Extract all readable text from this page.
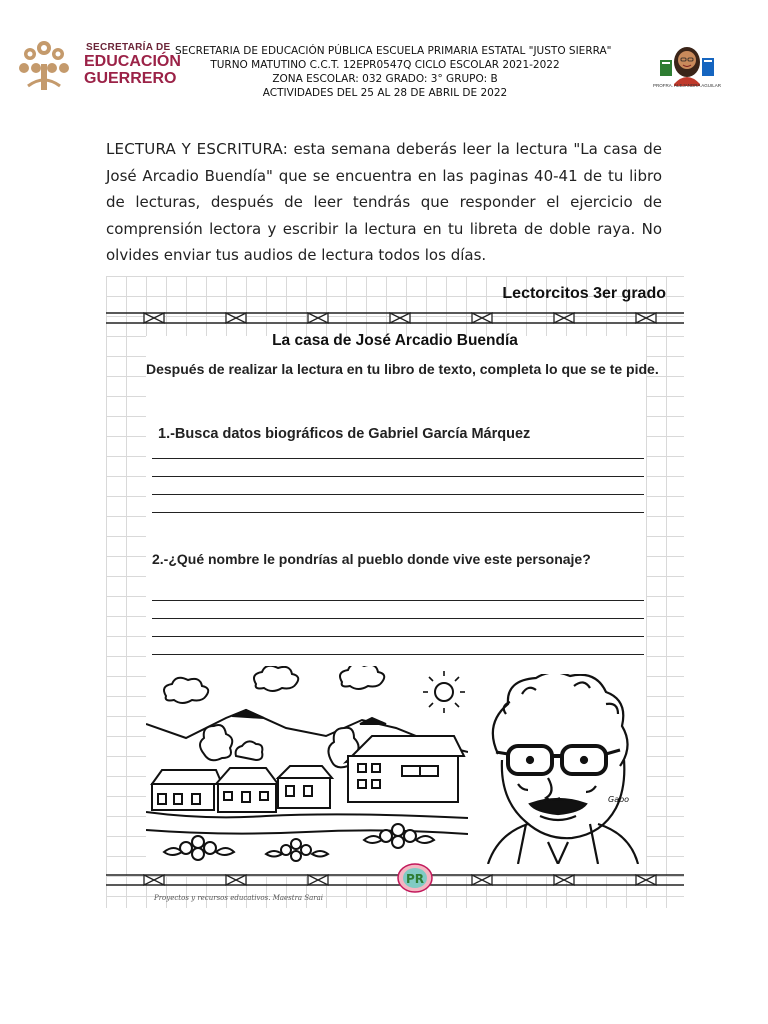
SECRETARÍA DE
EDUCACIÓN
GUERRERO
SECRETARIA DE EDUCACIÓN PÚBLICA ESCUELA PRIMARIA ESTATAL "JUSTO SIERRA"
TURNO MATUTINO C.C.T. 12EPR0547Q CICLO ESCOLAR 2021-2022
ZONA ESCOLAR: 032 GRADO: 3° GRUPO: B
ACTIVIDADES DEL 25 AL 28 DE ABRIL DE 2022
PROFRA. ALEJANDRA AGUILAR
LECTURA Y ESCRITURA: esta semana deberás leer la lectura "La casa de José Arcadio Buendía" que se encuentra en las paginas 40-41 de tu libro de lecturas, después de leer tendrás que responder el ejercicio de comprensión lectora y escribir la lectura en tu libreta de doble raya. No olvides enviar tus audios de lectura todos los días.
Lectorcitos 3er grado
La casa de José Arcadio Buendía
Después de realizar la lectura en tu libro de texto, completa lo que se te pide.
1.-Busca datos biográficos de Gabriel García Márquez
2.-¿Qué nombre le pondrías al pueblo donde vive este personaje?
Gabo
PR
Proyectos y recursos educativos. Maestra Sarai
